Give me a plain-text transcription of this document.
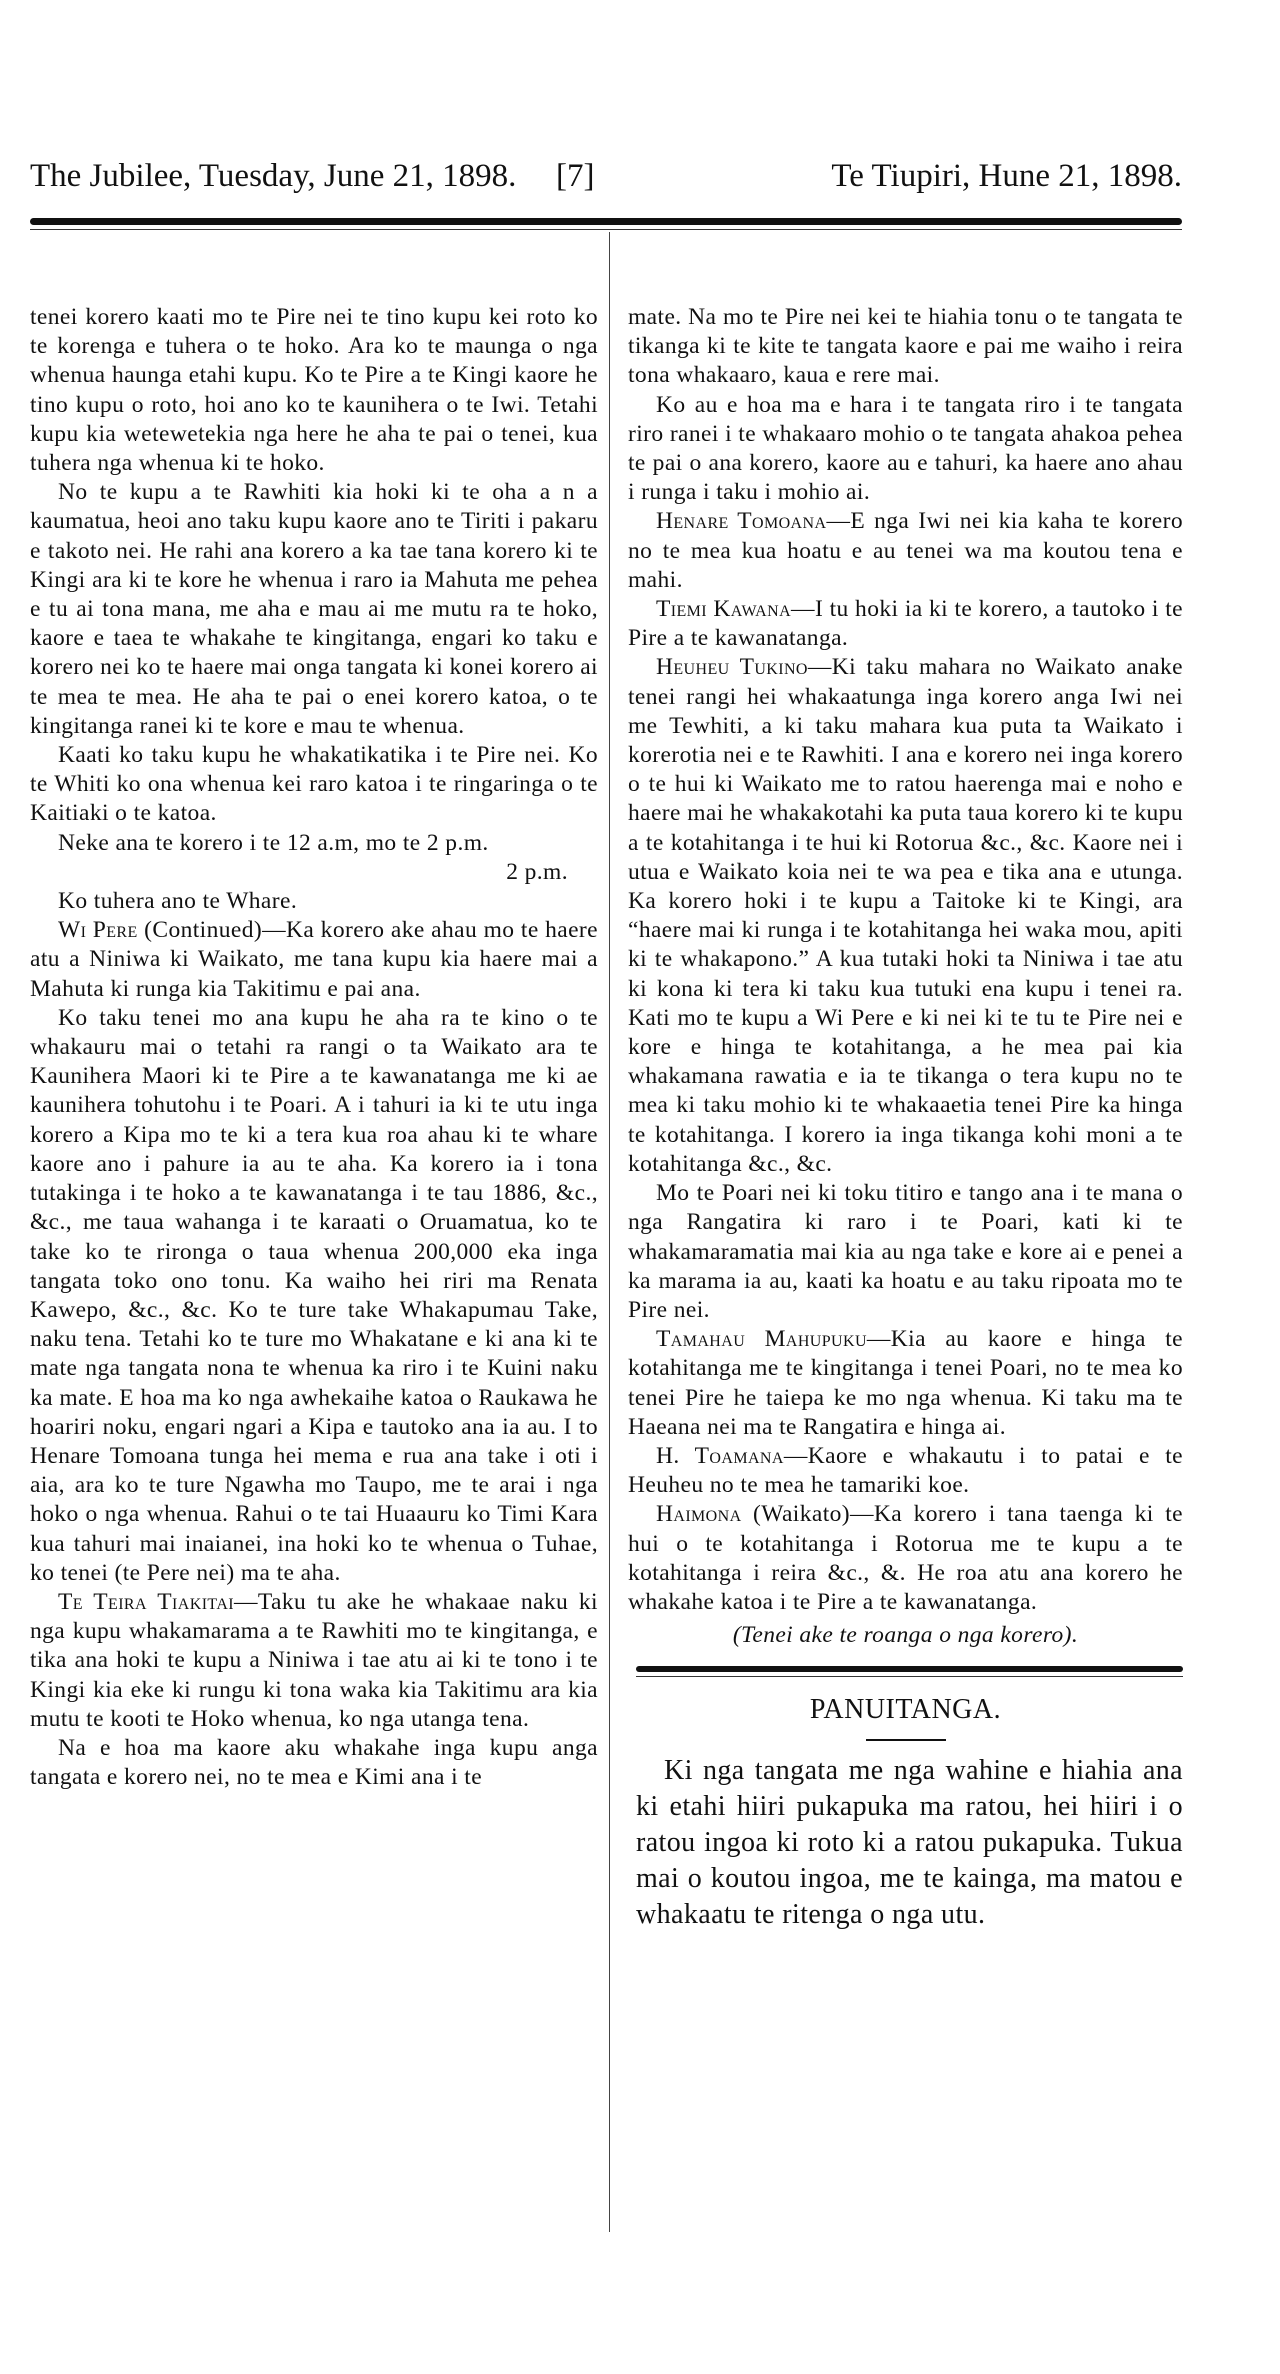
The Jubilee, Tuesday, June 21, 1898. [7]	Te Tiupiri, Hune 21, 1898.

tenei korero kaati mo te Pire nei te tino kupu kei roto ko te korenga e tuhera o te hoko. Ara ko te maunga o nga whenua haunga etahi kupu. Ko te Pire a te Kingi kaore he tino kupu o roto, hoi ano ko te kaunihera o te Iwi. Tetahi kupu kia wetewetekia nga here he aha te pai o tenei, kua tuhera nga whenua ki te hoko.

No te kupu a te Rawhiti kia hoki ki te oha a n a kaumatua, heoi ano taku kupu kaore ano te Tiriti i pakaru e takoto nei. He rahi ana korero a ka tae tana korero ki te Kingi ara ki te kore he whenua i raro ia Mahuta me pehea e tu ai tona mana, me aha e mau ai me mutu ra te hoko, kaore e taea te whakahe te kingitanga, engari ko taku e korero nei ko te haere mai onga tangata ki konei korero ai te mea te mea. He aha te pai o enei korero katoa, o te kingitanga ranei ki te kore e mau te whenua.

Kaati ko taku kupu he whakatikatika i te Pire nei. Ko te Whiti ko ona whenua kei raro katoa i te ringaringa o te Kaitiaki o te katoa.

Neke ana te korero i te 12 a.m, mo te 2 p.m.

2 p.m.

Ko tuhera ano te Whare.

Wi Pere (Continued)—Ka korero ake ahau mo te haere atu a Niniwa ki Waikato, me tana kupu kia haere mai a Mahuta ki runga kia Takitimu e pai ana.

Ko taku tenei mo ana kupu he aha ra te kino o te whakauru mai o tetahi ra rangi o ta Waikato ara te Kaunihera Maori ki te Pire a te kawanatanga me ki ae kaunihera tohutohu i te Poari. A i tahuri ia ki te utu inga korero a Kipa mo te ki a tera kua roa ahau ki te whare kaore ano i pahure ia au te aha. Ka korero ia i tona tutakinga i te hoko a te kawanatanga i te tau 1886, &c., &c., me taua wahanga i te karaati o Oruamatua, ko te take ko te rironga o taua whenua 200,000 eka inga tangata toko ono tonu. Ka waiho hei riri ma Renata Kawepo, &c., &c. Ko te ture take Whakapumau Take, naku tena. Tetahi ko te ture mo Whakatane e ki ana ki te mate nga tangata nona te whenua ka riro i te Kuini naku ka mate. E hoa ma ko nga awhekaihe katoa o Raukawa he hoariri noku, engari ngari a Kipa e tautoko ana ia au. I to Henare Tomoana tunga hei mema e rua ana take i oti i aia, ara ko te ture Ngawha mo Taupo, me te arai i nga hoko o nga whenua. Rahui o te tai Huaauru ko Timi Kara kua tahuri mai inaianei, ina hoki ko te whenua o Tuhae, ko tenei (te Pere nei) ma te aha.

Te Teira Tiakitai—Taku tu ake he whakaae naku ki nga kupu whakamarama a te Rawhiti mo te kingitanga, e tika ana hoki te kupu a Niniwa i tae atu ai ki te tono i te Kingi kia eke ki rungu ki tona waka kia Takitimu ara kia mutu te kooti te Hoko whenua, ko nga utanga tena.

Na e hoa ma kaore aku whakahe inga kupu anga tangata e korero nei, no te mea e Kimi ana i te

mate. Na mo te Pire nei kei te hiahia tonu o te tangata te tikanga ki te kite te tangata kaore e pai me waiho i reira tona whakaaro, kaua e rere mai.

Ko au e hoa ma e hara i te tangata riro i te tangata riro ranei i te whakaaro mohio o te tangata ahakoa pehea te pai o ana korero, kaore au e tahuri, ka haere ano ahau i runga i taku i mohio ai.

Henare Tomoana—E nga Iwi nei kia kaha te korero no te mea kua hoatu e au tenei wa ma koutou tena e mahi.

Tiemi Kawana—I tu hoki ia ki te korero, a tautoko i te Pire a te kawanatanga.

Heuheu Tukino—Ki taku mahara no Waikato anake tenei rangi hei whakaatunga inga korero anga Iwi nei me Tewhiti, a ki taku mahara kua puta ta Waikato i korerotia nei e te Rawhiti. I ana e korero nei inga korero o te hui ki Waikato me to ratou haerenga mai e noho e haere mai he whakakotahi ka puta taua korero ki te kupu a te kotahitanga i te hui ki Rotorua &c., &c. Kaore nei i utua e Waikato koia nei te wa pea e tika ana e utunga. Ka korero hoki i te kupu a Taitoke ki te Kingi, ara “haere mai ki runga i te kotahitanga hei waka mou, apiti ki te whakapono.” A kua tutaki hoki ta Niniwa i tae atu ki kona ki tera ki taku kua tutuki ena kupu i tenei ra. Kati mo te kupu a Wi Pere e ki nei ki te tu te Pire nei e kore e hinga te kotahitanga, a he mea pai kia whakamana rawatia e ia te tikanga o tera kupu no te mea ki taku mohio ki te whakaaetia tenei Pire ka hinga te kotahitanga. I korero ia inga tikanga kohi moni a te kotahitanga &c., &c.

Mo te Poari nei ki toku titiro e tango ana i te mana o nga Rangatira ki raro i te Poari, kati ki te whakamaramatia mai kia au nga take e kore ai e penei a ka marama ia au, kaati ka hoatu e au taku ripoata mo te Pire nei.

Tamahau Mahupuku—Kia au kaore e hinga te kotahitanga me te kingitanga i tenei Poari, no te mea ko tenei Pire he taiepa ke mo nga whenua. Ki taku ma te Haeana nei ma te Rangatira e hinga ai.

H. Toamana—Kaore e whakautu i to patai e te Heuheu no te mea he tamariki koe.

Haimona (Waikato)—Ka korero i tana taenga ki te hui o te kotahitanga i Rotorua me te kupu a te kotahitanga i reira &c., &. He roa atu ana korero he whakahe katoa i te Pire a te kawanatanga.

(Tenei ake te roanga o nga korero).

PANUITANGA.

Ki nga tangata me nga wahine e hiahia ana ki etahi hiiri pukapuka ma ratou, hei hiiri i o ratou ingoa ki roto ki a ratou pukapuka. Tukua mai o koutou ingoa, me te kainga, ma matou e whakaatu te ritenga o nga utu.
